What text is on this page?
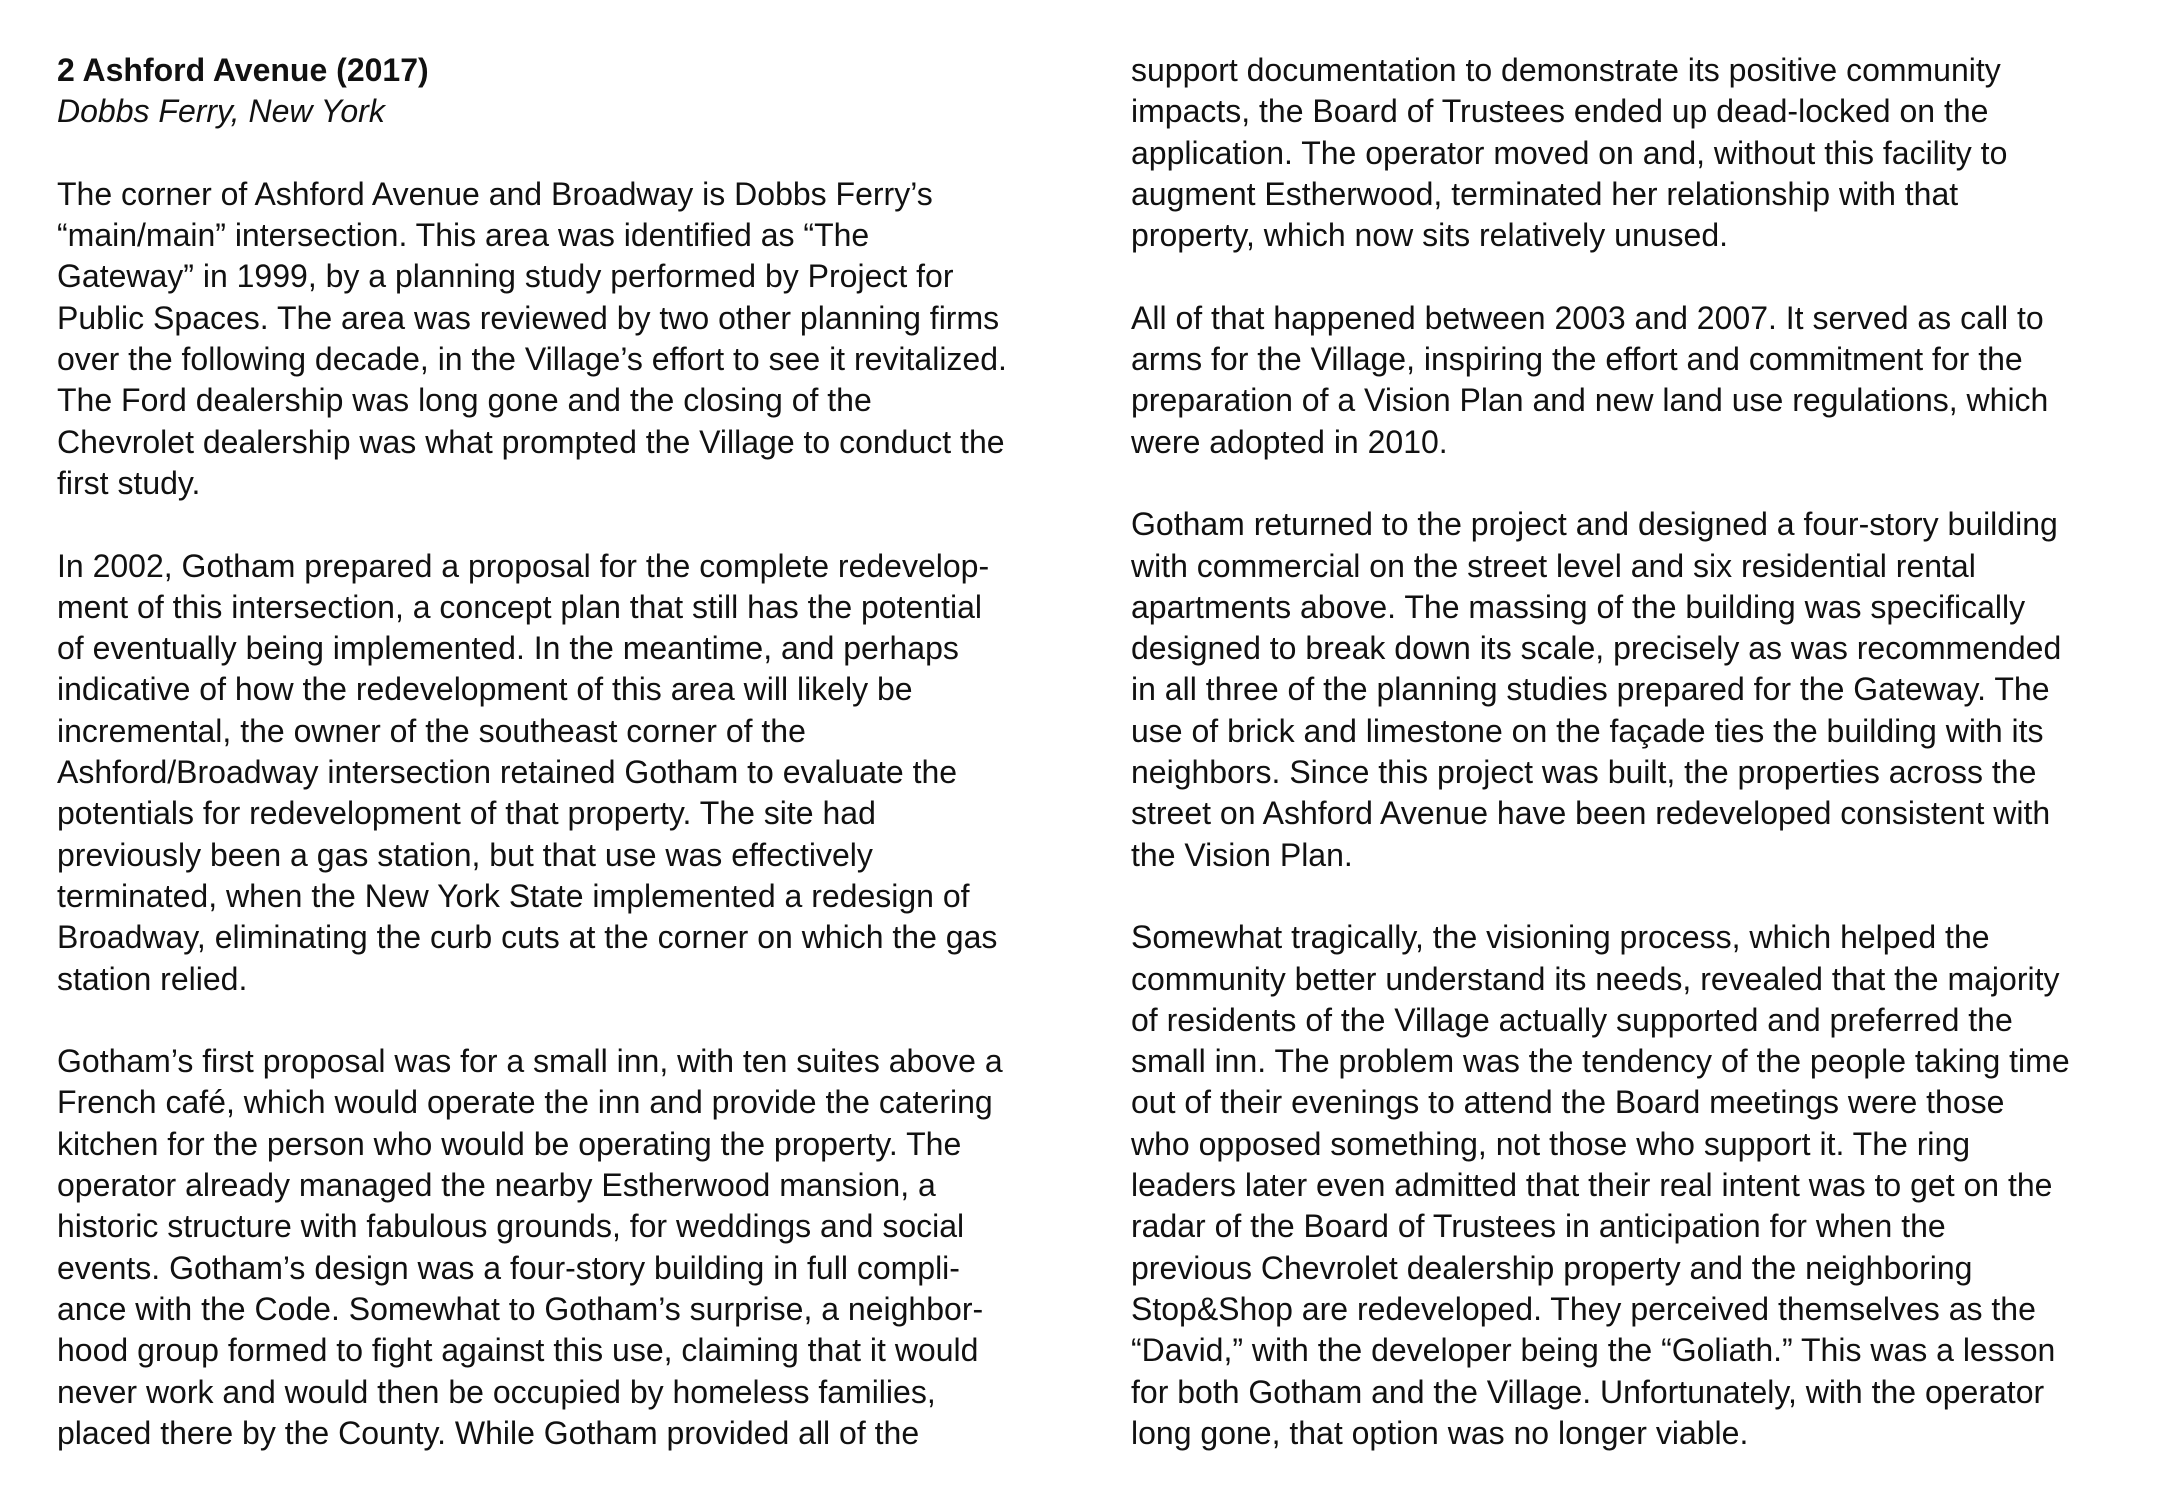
2 Ashford Avenue (2017)
Dobbs Ferry, New York
The corner of Ashford Avenue and Broadway is Dobbs Ferry’s
“main/main” intersection. This area was identified as “The
Gateway” in 1999, by a planning study performed by Project for
Public Spaces. The area was reviewed by two other planning firms
over the following decade, in the Village’s effort to see it revitalized.
The Ford dealership was long gone and the closing of the
Chevrolet dealership was what prompted the Village to conduct the
first study.
In 2002, Gotham prepared a proposal for the complete redevelop-
ment of this intersection, a concept plan that still has the potential
of eventually being implemented. In the meantime, and perhaps
indicative of how the redevelopment of this area will likely be
incremental, the owner of the southeast corner of the
Ashford/Broadway intersection retained Gotham to evaluate the
potentials for redevelopment of that property. The site had
previously been a gas station, but that use was effectively
terminated, when the New York State implemented a redesign of
Broadway, eliminating the curb cuts at the corner on which the gas
station relied.
Gotham’s first proposal was for a small inn, with ten suites above a
French café, which would operate the inn and provide the catering
kitchen for the person who would be operating the property. The
operator already managed the nearby Estherwood mansion, a
historic structure with fabulous grounds, for weddings and social
events. Gotham’s design was a four-story building in full compli-
ance with the Code. Somewhat to Gotham’s surprise, a neighbor-
hood group formed to fight against this use, claiming that it would
never work and would then be occupied by homeless families,
placed there by the County. While Gotham provided all of the
support documentation to demonstrate its positive community
impacts, the Board of Trustees ended up dead-locked on the
application. The operator moved on and, without this facility to
augment Estherwood, terminated her relationship with that
property, which now sits relatively unused.
All of that happened between 2003 and 2007. It served as call to
arms for the Village, inspiring the effort and commitment for the
preparation of a Vision Plan and new land use regulations, which
were adopted in 2010.
Gotham returned to the project and designed a four-story building
with commercial on the street level and six residential rental
apartments above. The massing of the building was specifically
designed to break down its scale, precisely as was recommended
in all three of the planning studies prepared for the Gateway. The
use of brick and limestone on the façade ties the building with its
neighbors. Since this project was built, the properties across the
street on Ashford Avenue have been redeveloped consistent with
the Vision Plan.
Somewhat tragically, the visioning process, which helped the
community better understand its needs, revealed that the majority
of residents of the Village actually supported and preferred the
small inn. The problem was the tendency of the people taking time
out of their evenings to attend the Board meetings were those
who opposed something, not those who support it. The ring
leaders later even admitted that their real intent was to get on the
radar of the Board of Trustees in anticipation for when the
previous Chevrolet dealership property and the neighboring
Stop&Shop are redeveloped. They perceived themselves as the
“David,” with the developer being the “Goliath.” This was a lesson
for both Gotham and the Village. Unfortunately, with the operator
long gone, that option was no longer viable.
